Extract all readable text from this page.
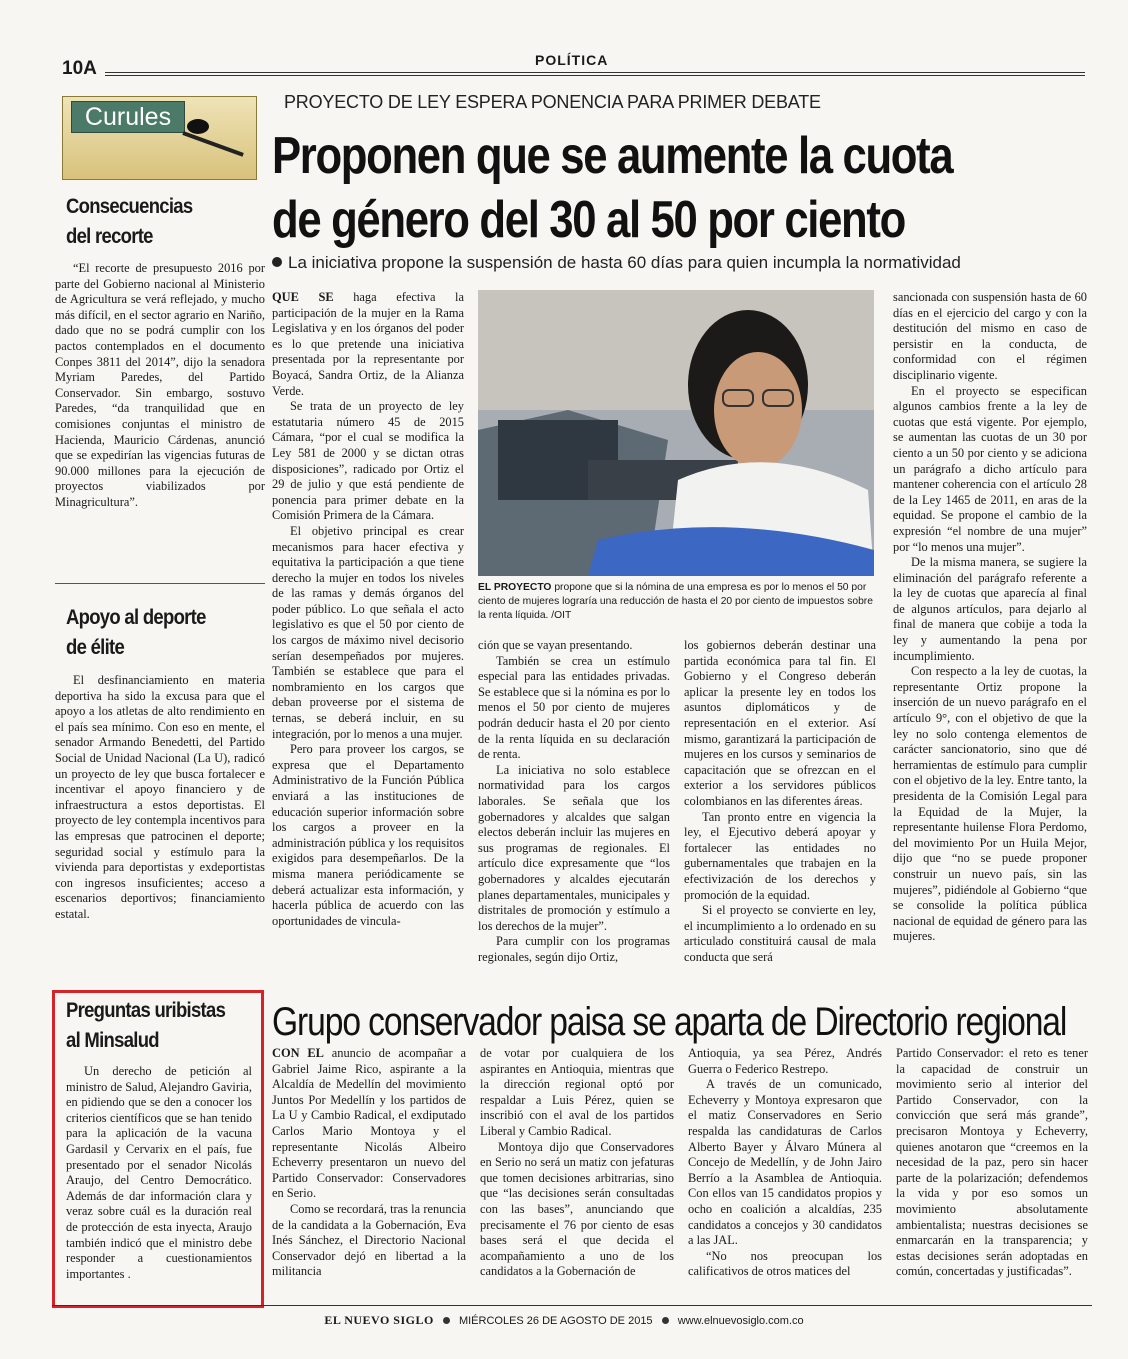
10A	POLÍTICA
Curules
Consecuencias del recorte

“El recorte de presupuesto 2016 por parte del Gobierno nacional al Ministerio de Agricultura se verá reflejado, y mucho más difícil, en el sector agrario en Nariño, dado que no se podrá cumplir con los pactos contemplados en el documento Conpes 3811 del 2014”, dijo la senadora Myriam Paredes, del Partido Conservador. Sin embargo, sostuvo Paredes, “da tranquilidad que en comisiones conjuntas el ministro de Hacienda, Mauricio Cárdenas, anunció que se expedirían las vigencias futuras de 90.000 millones para la ejecución de proyectos viabilizados por Minagricultura”.

Apoyo al deporte de élite

El desfinanciamiento en materia deportiva ha sido la excusa para que el apoyo a los atletas de alto rendimiento en el país sea mínimo. Con eso en mente, el senador Armando Benedetti, del Partido Social de Unidad Nacional (La U), radicó un proyecto de ley que busca fortalecer e incentivar el apoyo financiero y de infraestructura a estos deportistas. El proyecto de ley contempla incentivos para las empresas que patrocinen el deporte; seguridad social y estímulo para la vivienda para deportistas y exdeportistas con ingresos insuficientes; acceso a escenarios deportivos; financiamiento estatal.

Preguntas uribistas al Minsalud

Un derecho de petición al ministro de Salud, Alejandro Gaviria, en pidiendo que se den a conocer los criterios científicos que se han tenido para la aplicación de la vacuna Gardasil y Cervarix en el país, fue presentado por el senador Nicolás Araujo, del Centro Democrático. Además de dar información clara y veraz sobre cuál es la duración real de protección de esta inyecta, Araujo también indicó que el ministro debe responder a cuestionamientos importantes .

PROYECTO DE LEY ESPERA PONENCIA PARA PRIMER DEBATE
Proponen que se aumente la cuota
de género del 30 al 50 por ciento
La iniciativa propone la suspensión de hasta 60 días para quien incumpla la normatividad

QUE SE haga efectiva la participación de la mujer en la Rama Legislativa y en los órganos del poder es lo que pretende una iniciativa presentada por la representante por Boyacá, Sandra Ortiz, de la Alianza Verde.

Se trata de un proyecto de ley estatutaria número 45 de 2015 Cámara, “por el cual se modifica la Ley 581 de 2000 y se dictan otras disposiciones”, radicado por Ortiz el 29 de julio y que está pendiente de ponencia para primer debate en la Comisión Primera de la Cámara.

El objetivo principal es crear mecanismos para hacer efectiva y equitativa la participación a que tiene derecho la mujer en todos los niveles de las ramas y demás órganos del poder público. Lo que señala el acto legislativo es que el 50 por ciento de los cargos de máximo nivel decisorio serían desempeñados por mujeres. También se establece que para el nombramiento en los cargos que deban proveerse por el sistema de ternas, se deberá incluir, en su integración, por lo menos a una mujer.

Pero para proveer los cargos, se expresa que el Departamento Administrativo de la Función Pública enviará a las instituciones de educación superior información sobre los cargos a proveer en la administración pública y los requisitos exigidos para desempeñarlos. De la misma manera periódicamente se deberá actualizar esta información, y hacerla pública de acuerdo con las oportunidades de vincula-

EL PROYECTO propone que si la nómina de una empresa es por lo menos el 50 por ciento de mujeres lograría una reducción de hasta el 20 por ciento de impuestos sobre la renta líquida. /OIT

ción que se vayan presentando.

También se crea un estímulo especial para las entidades privadas. Se establece que si la nómina es por lo menos el 50 por ciento de mujeres podrán deducir hasta el 20 por ciento de la renta líquida en su declaración de renta.

La iniciativa no solo establece normatividad para los cargos laborales. Se señala que los gobernadores y alcaldes que salgan electos deberán incluir las mujeres en sus programas de regionales. El artículo dice expresamente que “los gobernadores y alcaldes ejecutarán planes departamentales, municipales y distritales de promoción y estímulo a los derechos de la mujer”.

Para cumplir con los programas regionales, según dijo Ortiz,

los gobiernos deberán destinar una partida económica para tal fin. El Gobierno y el Congreso deberán aplicar la presente ley en todos los asuntos diplomáticos y de representación en el exterior. Así mismo, garantizará la participación de mujeres en los cursos y seminarios de capacitación que se ofrezcan en el exterior a los servidores públicos colombianos en las diferentes áreas.

Tan pronto entre en vigencia la ley, el Ejecutivo deberá apoyar y fortalecer las entidades no gubernamentales que trabajen en la efectivización de los derechos y promoción de la equidad.

Si el proyecto se convierte en ley, el incumplimiento a lo ordenado en su articulado constituirá causal de mala conducta que será

sancionada con suspensión hasta de 60 días en el ejercicio del cargo y con la destitución del mismo en caso de persistir en la conducta, de conformidad con el régimen disciplinario vigente.

En el proyecto se especifican algunos cambios frente a la ley de cuotas que está vigente. Por ejemplo, se aumentan las cuotas de un 30 por ciento a un 50 por ciento y se adiciona un parágrafo a dicho artículo para mantener coherencia con el artículo 28 de la Ley 1465 de 2011, en aras de la equidad. Se propone el cambio de la expresión “el nombre de una mujer” por “lo menos una mujer”.

De la misma manera, se sugiere la eliminación del parágrafo referente a la ley de cuotas que aparecía al final de algunos artículos, para dejarlo al final de manera que cobije a toda la ley y aumentando la pena por incumplimiento.

Con respecto a la ley de cuotas, la representante Ortiz propone la inserción de un nuevo parágrafo en el artículo 9°, con el objetivo de que la ley no solo contenga elementos de carácter sancionatorio, sino que dé herramientas de estímulo para cumplir con el objetivo de la ley. Entre tanto, la presidenta de la Comisión Legal para la Equidad de la Mujer, la representante huilense Flora Perdomo, del movimiento Por un Huila Mejor, dijo que “no se puede proponer construir un nuevo país, sin las mujeres”, pidiéndole al Gobierno “que se consolide la política pública nacional de equidad de género para las mujeres.

Grupo conservador paisa se aparta de Directorio regional

CON EL anuncio de acompañar a Gabriel Jaime Rico, aspirante a la Alcaldía de Medellín del movimiento Juntos Por Medellín y los partidos de La U y Cambio Radical, el exdiputado Carlos Mario Montoya y el representante Nicolás Albeiro Echeverry presentaron un nuevo del Partido Conservador: Conservadores en Serio.

Como se recordará, tras la renuncia de la candidata a la Gobernación, Eva Inés Sánchez, el Directorio Nacional Conservador dejó en libertad a la militancia

de votar por cualquiera de los aspirantes en Antioquia, mientras que la dirección regional optó por respaldar a Luis Pérez, quien se inscribió con el aval de los partidos Liberal y Cambio Radical.

Montoya dijo que Conservadores en Serio no será un matiz con jefaturas que tomen decisiones arbitrarias, sino que “las decisiones serán consultadas con las bases”, anunciando que precisamente el 76 por ciento de esas bases será el que decida el acompañamiento a uno de los candidatos a la Gobernación de

Antioquia, ya sea Pérez, Andrés Guerra o Federico Restrepo.

A través de un comunicado, Echeverry y Montoya expresaron que el matiz Conservadores en Serio respalda las candidaturas de Carlos Alberto Bayer y Álvaro Múnera al Concejo de Medellín, y de John Jairo Berrío a la Asamblea de Antioquia. Con ellos van 15 candidatos propios y ocho en coalición a alcaldías, 235 candidatos a concejos y 30 candidatos a las JAL.

“No nos preocupan los calificativos de otros matices del

Partido Conservador: el reto es tener la capacidad de construir un movimiento serio al interior del Partido Conservador, con la convicción que será más grande”, precisaron Montoya y Echeverry, quienes anotaron que “creemos en la necesidad de la paz, pero sin hacer parte de la polarización; defendemos la vida y por eso somos un movimiento absolutamente ambientalista; nuestras decisiones se enmarcarán en la transparencia; y estas decisiones serán adoptadas en común, concertadas y justificadas”.

EL NUEVO SIGLO MIÉRCOLES 26 DE AGOSTO DE 2015 www.elnuevosiglo.com.co
